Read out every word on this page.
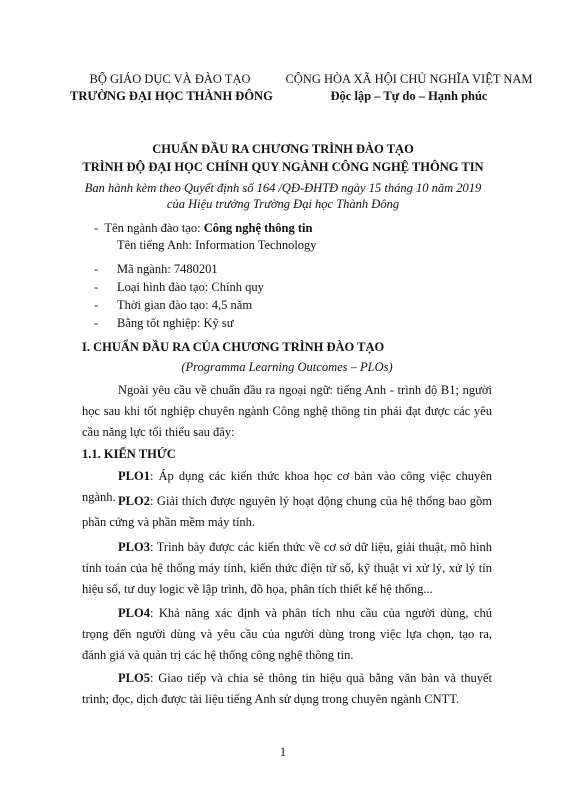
BỘ GIÁO DỤC VÀ ĐÀO TẠO
TRƯỜNG ĐẠI HỌC THÀNH ĐÔNG
CỘNG HÒA XÃ HỘI CHỦ NGHĨA VIỆT NAM
Độc lập – Tự do – Hạnh phúc
CHUẨN ĐẦU RA CHƯƠNG TRÌNH ĐÀO TẠO
TRÌNH ĐỘ ĐẠI HỌC CHÍNH QUY NGÀNH CÔNG NGHỆ THÔNG TIN
Ban hành kèm theo Quyết định số 164 /QĐ-ĐHTĐ ngày 15 tháng 10 năm 2019
của Hiệu trưởng Trường Đại học Thành Đông
-  Tên ngành đào tạo: Công nghệ thông tin
Tên tiếng Anh: Information Technology
- Mã ngành: 7480201
- Loại hình đào tạo: Chính quy
- Thời gian đào tạo: 4,5 năm
- Bằng tốt nghiệp: Kỹ sư
I. CHUẨN ĐẦU RA CỦA CHƯƠNG TRÌNH ĐÀO TẠO
(Programma Learning Outcomes – PLOs)
Ngoài yêu cầu về chuẩn đầu ra ngoại ngữ: tiếng Anh - trình độ B1; người học sau khi tốt nghiệp chuyên ngành Công nghệ thông tin phải đạt được các yêu cầu năng lực tối thiểu sau đây:
1.1. KIẾN THỨC
PLO1: Áp dụng các kiến thức khoa học cơ bản vào công việc chuyên ngành. PLO2: Giải thích được nguyên lý hoạt động chung của hệ thống bao gồm phần cứng và phần mềm máy tính.
PLO3: Trình bày được các kiến thức về cơ sở dữ liệu, giải thuật, mô hình tính toán của hệ thống máy tính, kiến thức điện tử số, kỹ thuật vi xử lý, xử lý tín hiệu số, tư duy logic về lập trình, đồ họa, phân tích thiết kế hệ thống...
PLO4: Khả năng xác định và phân tích nhu cầu của người dùng, chú trọng đến người dùng và yêu cầu của người dùng trong việc lựa chọn, tạo ra, đánh giá và quản trị các hệ thống công nghệ thông tin.
PLO5: Giao tiếp và chia sẻ thông tin hiệu quả bằng văn bản và thuyết trình; đọc, dịch được tài liệu tiếng Anh sử dụng trong chuyên ngành CNTT.
1
